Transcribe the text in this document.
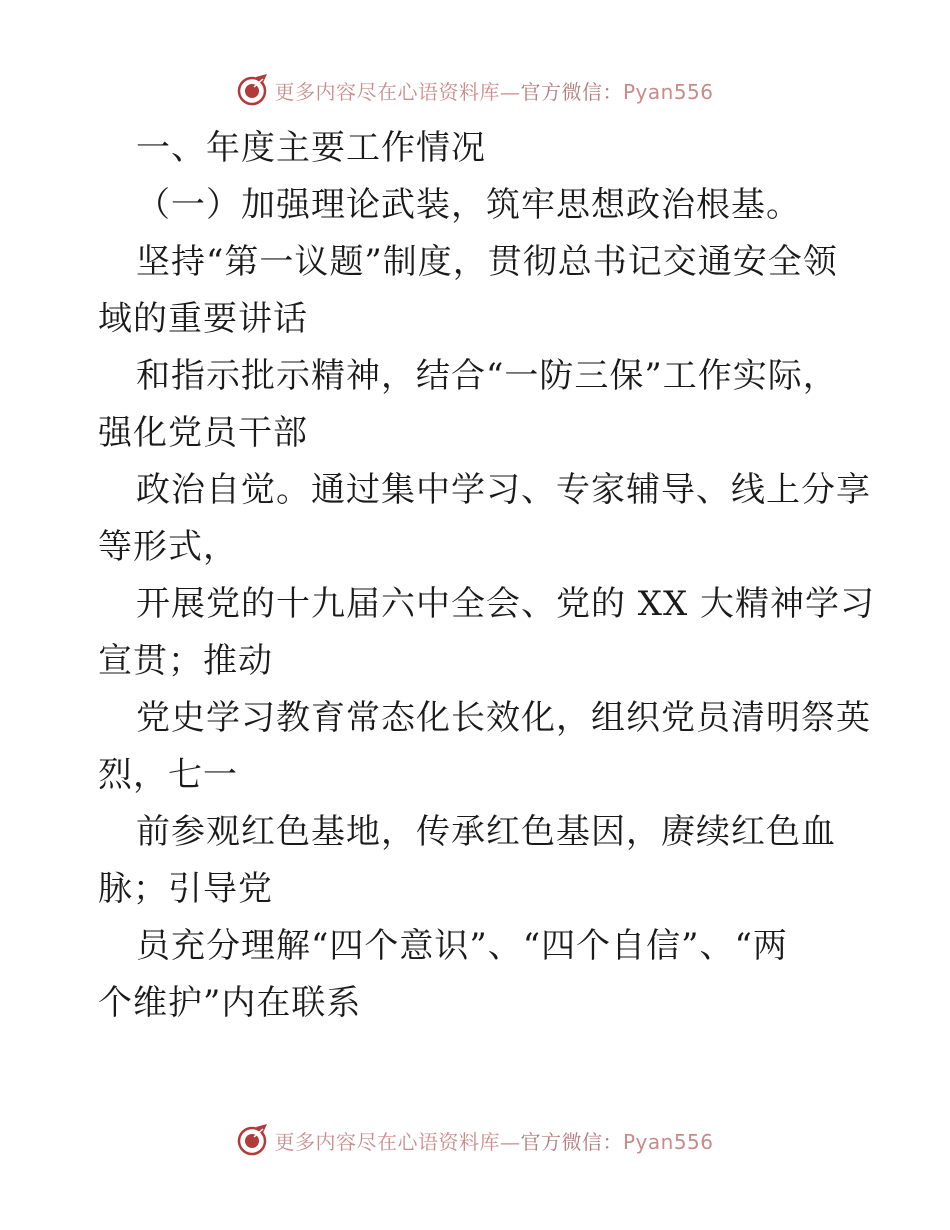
更多内容尽在心语资料库—官方微信：Pyan556
一、年度主要工作情况
（一）加强理论武装，筑牢思想政治根基。
坚持“第一议题”制度，贯彻总书记交通安全领
域的重要讲话
和指示批示精神，结合“一防三保”工作实际，
强化党员干部
政治自觉。通过集中学习、专家辅导、线上分享
等形式，
开展党的十九届六中全会、党的 XX 大精神学习
宣贯；推动
党史学习教育常态化长效化，组织党员清明祭英
烈，七一
前参观红色基地，传承红色基因，赓续红色血
脉；引导党
员充分理解“四个意识”、“四个自信”、“两
个维护”内在联系
更多内容尽在心语资料库—官方微信：Pyan556
